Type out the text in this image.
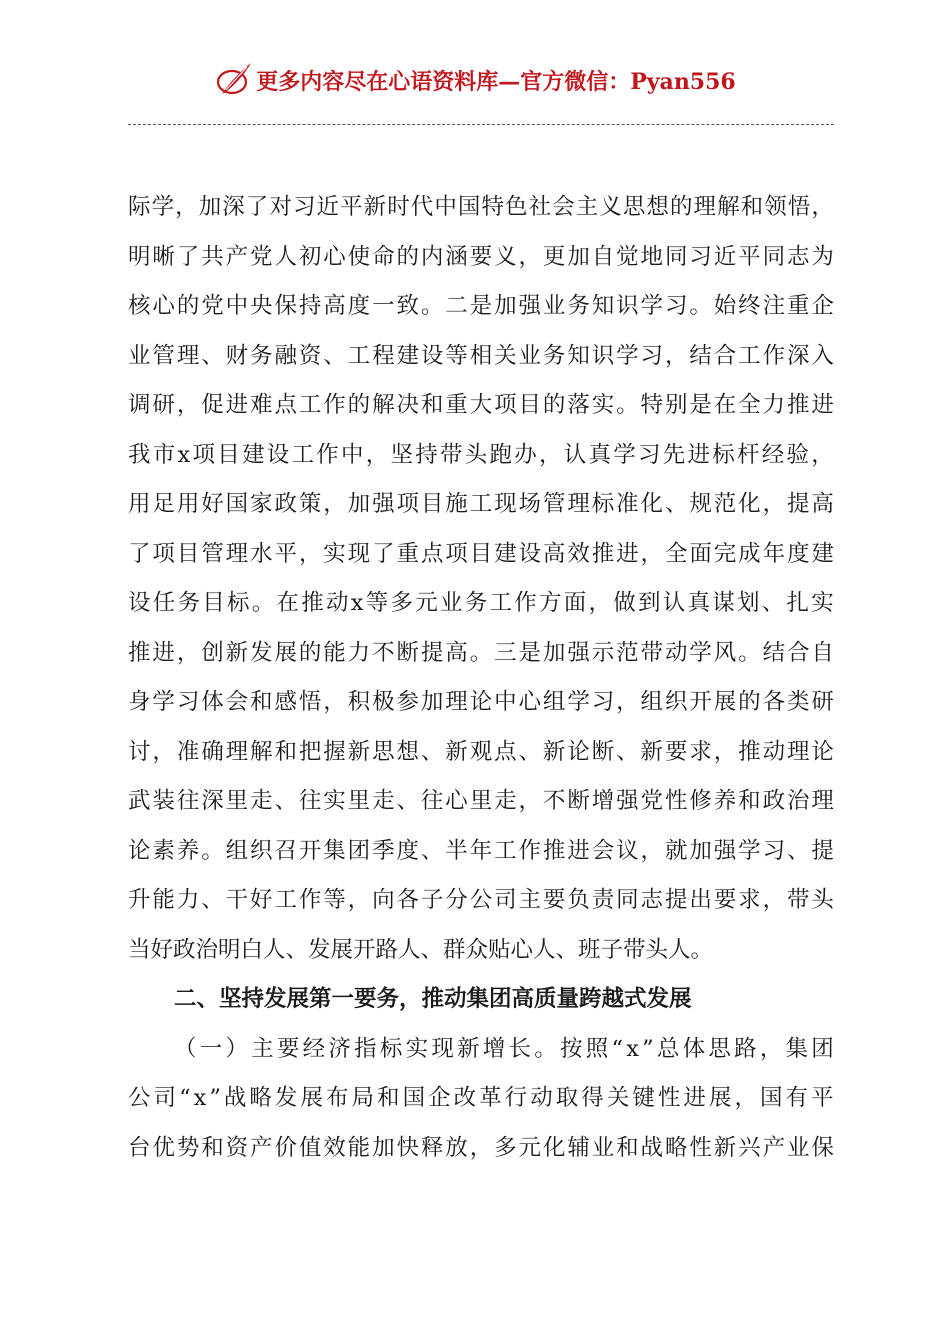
更多内容尽在心语资料库—官方微信：Pyan556
际 学 ， 加 深 了 对 习 近 平 新 时 代 中 国 特 色 社 会 主 义 思 想 的 理 解 和 领 悟 ，
明 晰 了 共 产 党 人 初 心 使 命 的 内 涵 要 义 ， 更 加 自 觉 地 同 习 近 平 同 志 为
核 心 的 党 中 央 保 持 高 度 一 致 。 二 是 加 强 业 务 知 识 学 习 。 始 终 注 重 企
业 管 理 、 财 务 融 资 、 工 程 建 设 等 相 关 业 务 知 识 学 习 ， 结 合 工 作 深 入
调 研 ， 促 进 难 点 工 作 的 解 决 和 重 大 项 目 的 落 实 。 特 别 是 在 全 力 推 进
我 市 x 项 目 建 设 工 作 中 ， 坚 持 带 头 跑 办 ， 认 真 学 习 先 进 标 杆 经 验 ，
用 足 用 好 国 家 政 策 ， 加 强 项 目 施 工 现 场 管 理 标 准 化 、 规 范 化 ， 提 高
了 项 目 管 理 水 平 ， 实 现 了 重 点 项 目 建 设 高 效 推 进 ， 全 面 完 成 年 度 建
设 任 务 目 标 。 在 推 动 x 等 多 元 业 务 工 作 方 面 ， 做 到 认 真 谋 划 、 扎 实
推 进 ， 创 新 发 展 的 能 力 不 断 提 高 。 三 是 加 强 示 范 带 动 学 风 。 结 合 自
身 学 习 体 会 和 感 悟 ， 积 极 参 加 理 论 中 心 组 学 习 ， 组 织 开 展 的 各 类 研
讨 ， 准 确 理 解 和 把 握 新 思 想 、 新 观 点 、 新 论 断 、 新 要 求 ， 推 动 理 论
武 装 往 深 里 走 、 往 实 里 走 、 往 心 里 走 ， 不 断 增 强 党 性 修 养 和 政 治 理
论 素 养 。 组 织 召 开 集 团 季 度 、 半 年 工 作 推 进 会 议 ， 就 加 强 学 习 、 提
升 能 力 、 干 好 工 作 等 ， 向 各 子 分 公 司 主 要 负 责 同 志 提 出 要 求 ， 带 头
当好政治明白人、发展开路人、群众贴心人、班子带头人。
二、坚持发展第一要务，推动集团高质量跨越式发展
（ 一 ） 主 要 经 济 指 标 实 现 新 增 长 。 按 照 “ x ” 总 体 思 路 ， 集 团
公 司 “ x ” 战 略 发 展 布 局 和 国 企 改 革 行 动 取 得 关 键 性 进 展 ， 国 有 平
台 优 势 和 资 产 价 值 效 能 加 快 释 放 ， 多 元 化 辅 业 和 战 略 性 新 兴 产 业 保
